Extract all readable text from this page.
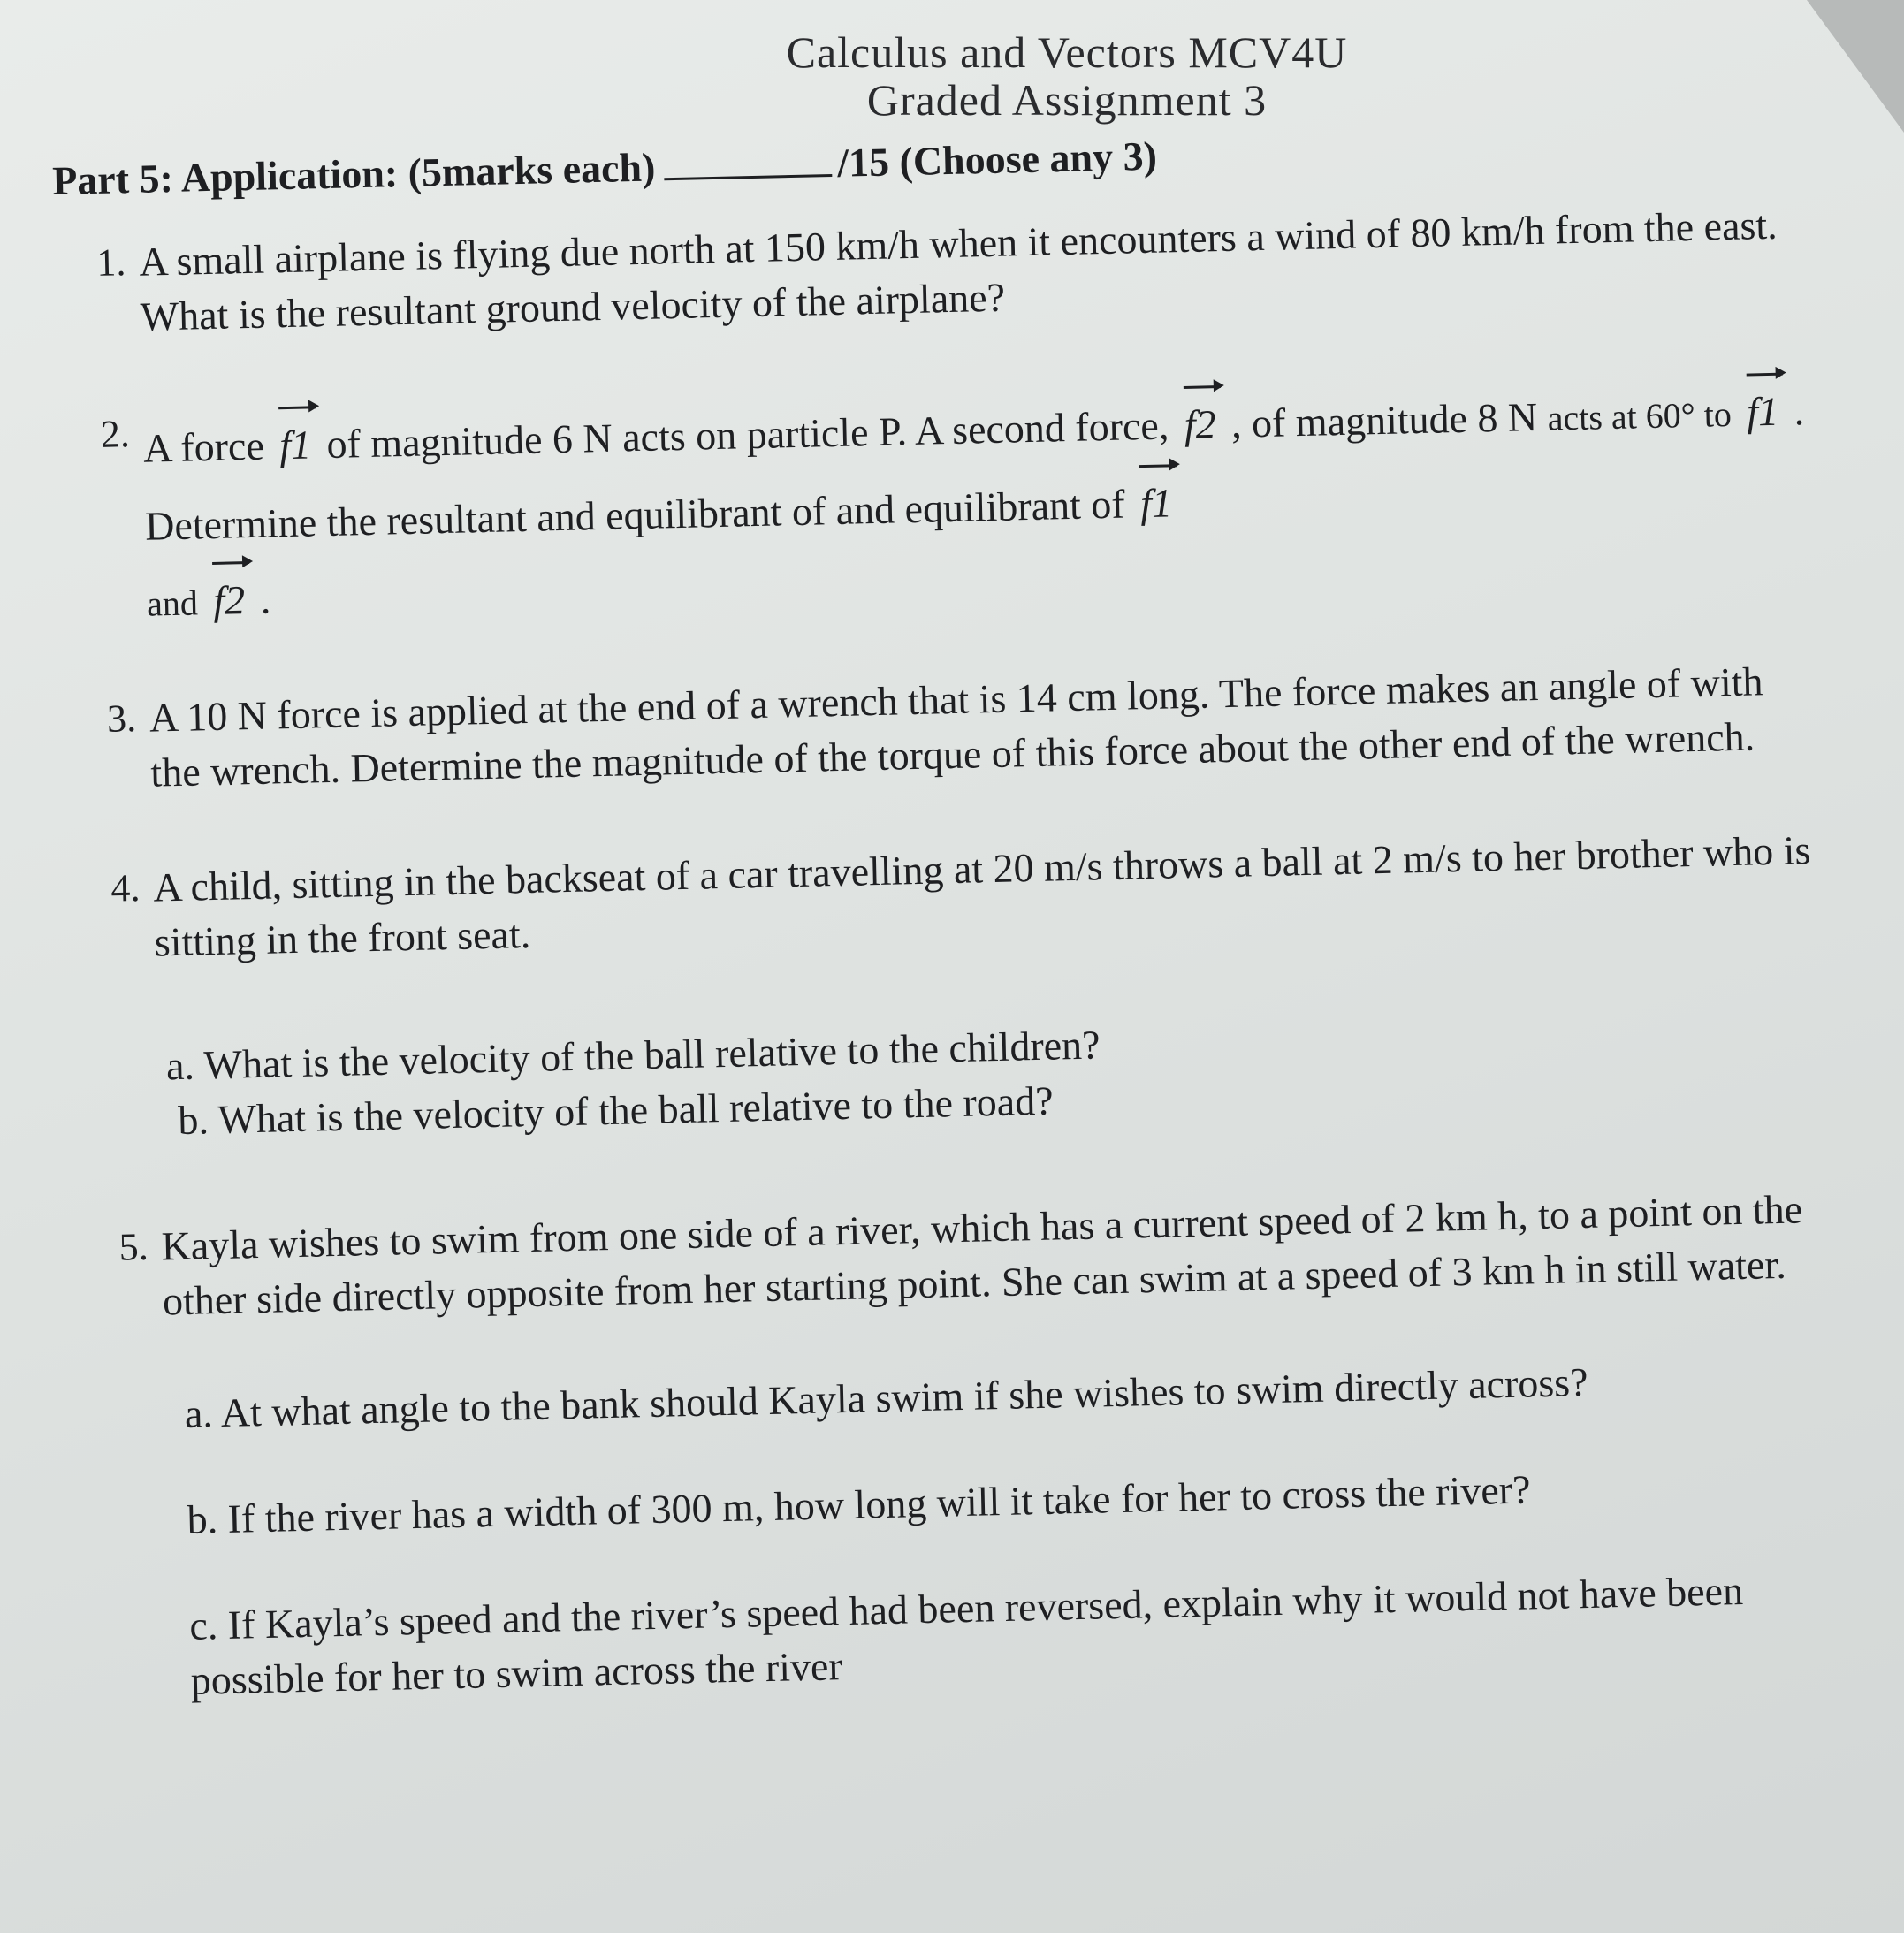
Calculus and Vectors MCV4U
Graded Assignment 3
Part 5: Application: (5marks each)	/15 (Choose any 3)
1. A small airplane is flying due north at 150 km/h when it encounters a wind of 80 km/h from the east. What is the resultant ground velocity of the airplane?

2. A force f1 of magnitude 6 N acts on particle P. A second force, f2 , of magnitude 8 N acts at 60° to f1 . Determine the resultant and equilibrant of and equilibrant of f1
and f2 .

3. A 10 N force is applied at the end of a wrench that is 14 cm long. The force makes an angle of with the wrench. Determine the magnitude of the torque of this force about the other end of the wrench.

4. A child, sitting in the backseat of a car travelling at 20 m/s throws a ball at 2 m/s to her brother who is sitting in the front seat.

a. What is the velocity of the ball relative to the children?
b. What is the velocity of the ball relative to the road?
5. Kayla wishes to swim from one side of a river, which has a current speed of 2 km h, to a point on the other side directly opposite from her starting point. She can swim at a speed of 3 km h in still water.

a. At what angle to the bank should Kayla swim if she wishes to swim directly across?
b. If the river has a width of 300 m, how long will it take for her to cross the river?
c. If Kayla’s speed and the river’s speed had been reversed, explain why it would not have been possible for her to swim across the river
